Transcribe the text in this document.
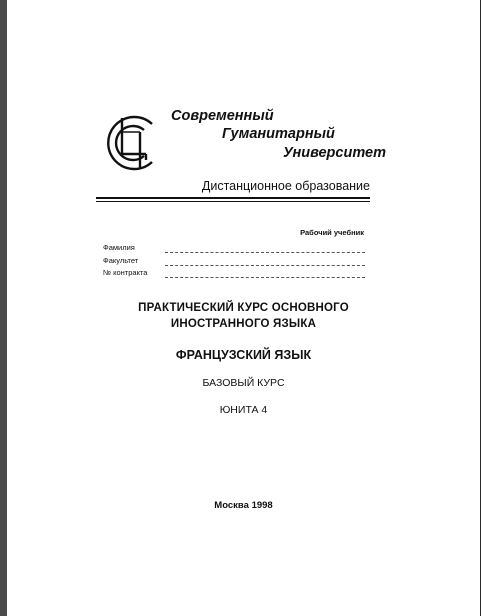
Современный
Гуманитарный
Университет
Дистанционное образование
Рабочий учебник
Фамилия
Факультет
№ контракта
ПРАКТИЧЕСКИЙ КУРС ОСНОВНОГО
ИНОСТРАННОГО ЯЗЫКА
ФРАНЦУЗСКИЙ ЯЗЫК
БАЗОВЫЙ КУРС
ЮНИТА 4
Москва 1998
